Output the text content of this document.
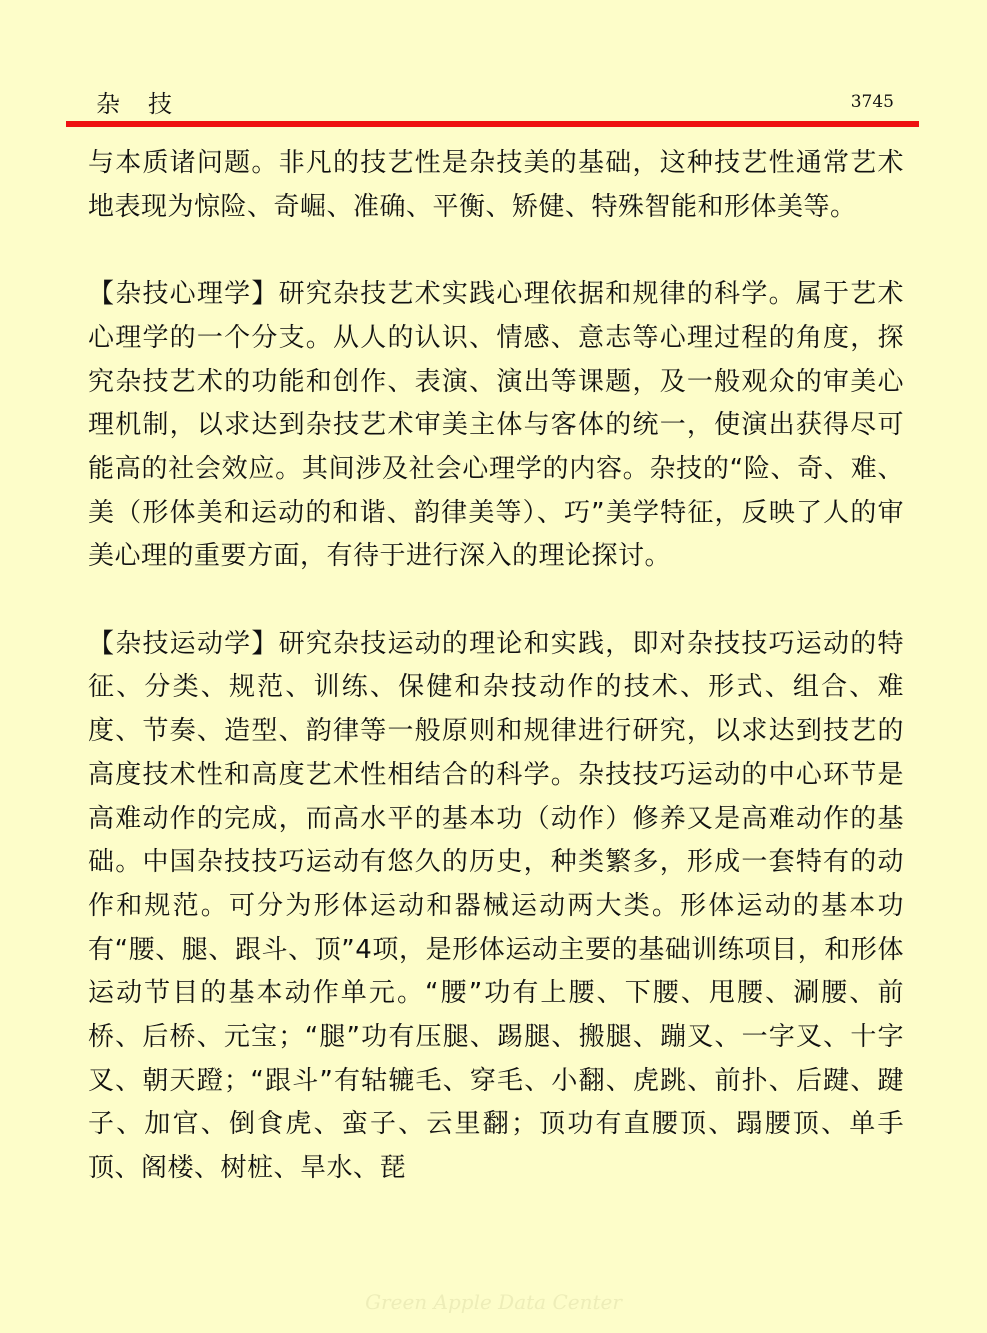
杂　技	3745

与本质诸问题。非凡的技艺性是杂技美的基础，这种技艺性通常艺术地表现为惊险、奇崛、准确、平衡、矫健、特殊智能和形体美等。

【杂技心理学】研究杂技艺术实践心理依据和规律的科学。属于艺术心理学的一个分支。从人的认识、情感、意志等心理过程的角度，探究杂技艺术的功能和创作、表演、演出等课题，及一般观众的审美心理机制，以求达到杂技艺术审美主体与客体的统一，使演出获得尽可能高的社会效应。其间涉及社会心理学的内容。杂技的“险、奇、难、美（形体美和运动的和谐、韵律美等）、巧”美学特征，反映了人的审美心理的重要方面，有待于进行深入的理论探讨。

【杂技运动学】研究杂技运动的理论和实践，即对杂技技巧运动的特征、分类、规范、训练、保健和杂技动作的技术、形式、组合、难度、节奏、造型、韵律等一般原则和规律进行研究，以求达到技艺的高度技术性和高度艺术性相结合的科学。杂技技巧运动的中心环节是高难动作的完成，而高水平的基本功（动作）修养又是高难动作的基础。中国杂技技巧运动有悠久的历史，种类繁多，形成一套特有的动作和规范。可分为形体运动和器械运动两大类。形体运动的基本功有“腰、腿、跟斗、顶”4项，是形体运动主要的基础训练项目，和形体运动节目的基本动作单元。“腰”功有上腰、下腰、甩腰、涮腰、前桥、后桥、元宝；“腿”功有压腿、踢腿、搬腿、蹦叉、一字叉、十字叉、朝天蹬；“跟斗”有轱辘毛、穿毛、小翻、虎跳、前扑、后踺、踺子、加官、倒食虎、蛮子、云里翻；顶功有直腰顶、蹋腰顶、单手顶、阁楼、树桩、旱水、琵

Green Apple Data Center
